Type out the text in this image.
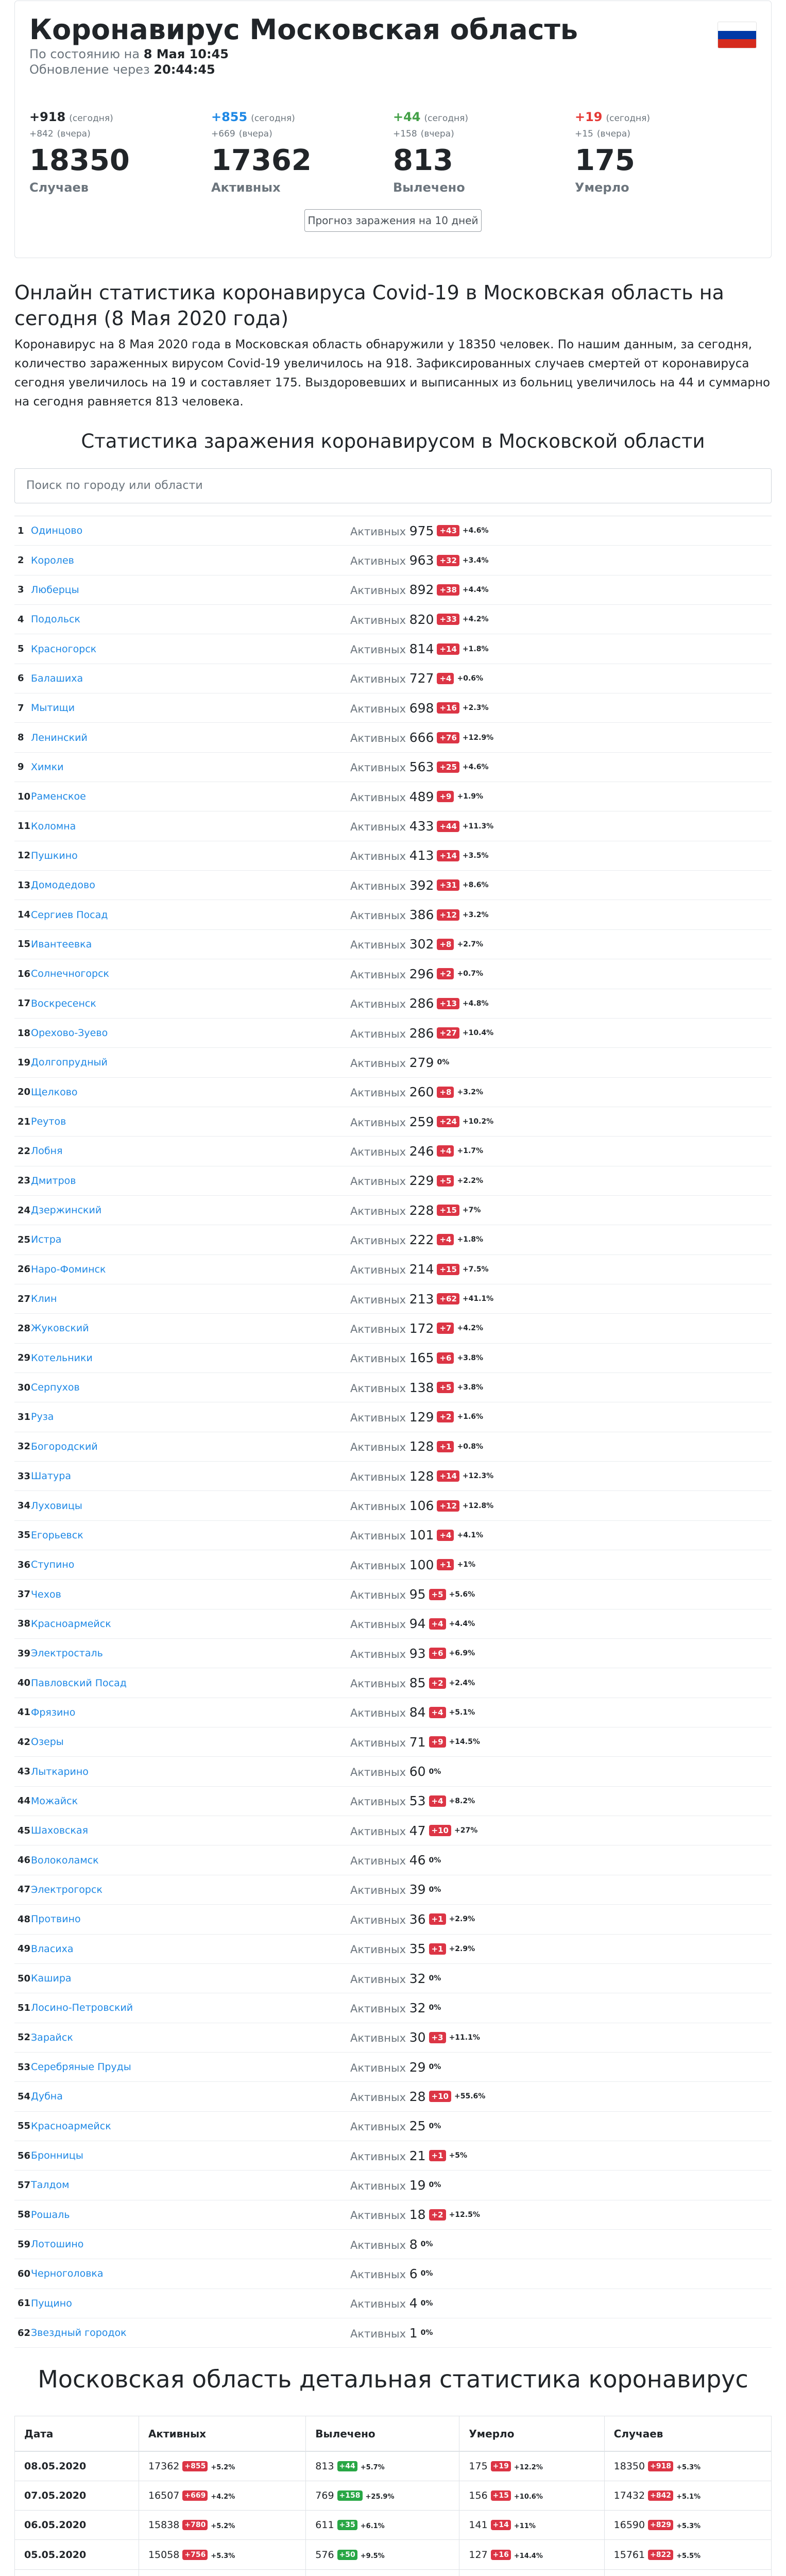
Коронавирус Московская область
По состоянию на 8 Мая 10:45
Обновление через 20:44:45
+918 (сегодня)
+842 (вчера)
18350
Случаев
+855 (сегодня)
+669 (вчера)
17362
Активных
+44 (сегодня)
+158 (вчера)
813
Вылечено
+19 (сегодня)
+15 (вчера)
175
Умерло
Прогноз заражения на 10 дней
Онлайн статистика коронавируса Covid-19 в Московская область на сегодня (8 Мая 2020 года)

Коронавирус на 8 Мая 2020 года в Московская область обнаружили у 18350 человек. По нашим данным, за сегодня, количество зараженных вирусом Covid-19 увеличилось на 918. Зафиксированных случаев смертей от коронавируса сегодня увеличилось на 19 и составляет 175. Выздоровевших и выписанных из больниц увеличилось на 44 и суммарно на сегодня равняется 813 человека.

Статистика заражения коронавирусом в Московской области
Поиск по городу или области
1 Одинцово	Активных 975 +43 +4.6%
2 Королев	Активных 963 +32 +3.4%
3 Люберцы	Активных 892 +38 +4.4%
4 Подольск	Активных 820 +33 +4.2%
5 Красногорск	Активных 814 +14 +1.8%
6 Балашиха	Активных 727 +4 +0.6%
7 Мытищи	Активных 698 +16 +2.3%
8 Ленинский	Активных 666 +76 +12.9%
9 Химки	Активных 563 +25 +4.6%
10 Раменское	Активных 489 +9 +1.9%
11 Коломна	Активных 433 +44 +11.3%
12 Пушкино	Активных 413 +14 +3.5%
13 Домодедово	Активных 392 +31 +8.6%
14 Сергиев Посад	Активных 386 +12 +3.2%
15 Ивантеевка	Активных 302 +8 +2.7%
16 Солнечногорск	Активных 296 +2 +0.7%
17 Воскресенск	Активных 286 +13 +4.8%
18 Орехово-Зуево	Активных 286 +27 +10.4%
19 Долгопрудный	Активных 279 0%
20 Щелково	Активных 260 +8 +3.2%
21 Реутов	Активных 259 +24 +10.2%
22 Лобня	Активных 246 +4 +1.7%
23 Дмитров	Активных 229 +5 +2.2%
24 Дзержинский	Активных 228 +15 +7%
25 Истра	Активных 222 +4 +1.8%
26 Наро-Фоминск	Активных 214 +15 +7.5%
27 Клин	Активных 213 +62 +41.1%
28 Жуковский	Активных 172 +7 +4.2%
29 Котельники	Активных 165 +6 +3.8%
30 Серпухов	Активных 138 +5 +3.8%
31 Руза	Активных 129 +2 +1.6%
32 Богородский	Активных 128 +1 +0.8%
33 Шатура	Активных 128 +14 +12.3%
34 Луховицы	Активных 106 +12 +12.8%
35 Егорьевск	Активных 101 +4 +4.1%
36 Ступино	Активных 100 +1 +1%
37 Чехов	Активных 95 +5 +5.6%
38 Красноармейск	Активных 94 +4 +4.4%
39 Электросталь	Активных 93 +6 +6.9%
40 Павловский Посад	Активных 85 +2 +2.4%
41 Фрязино	Активных 84 +4 +5.1%
42 Озеры	Активных 71 +9 +14.5%
43 Лыткарино	Активных 60 0%
44 Можайск	Активных 53 +4 +8.2%
45 Шаховская	Активных 47 +10 +27%
46 Волоколамск	Активных 46 0%
47 Электрогорск	Активных 39 0%
48 Протвино	Активных 36 +1 +2.9%
49 Власиха	Активных 35 +1 +2.9%
50 Кашира	Активных 32 0%
51 Лосино-Петровский	Активных 32 0%
52 Зарайск	Активных 30 +3 +11.1%
53 Серебряные Пруды	Активных 29 0%
54 Дубна	Активных 28 +10 +55.6%
55 Красноармейск	Активных 25 0%
56 Бронницы	Активных 21 +1 +5%
57 Талдом	Активных 19 0%
58 Рошаль	Активных 18 +2 +12.5%
59 Лотошино	Активных 8 0%
60 Черноголовка	Активных 6 0%
61 Пущино	Активных 4 0%
62 Звездный городок	Активных 1 0%
Московская область детальная статистика коронавирус
Дата	Активных	Вылечено	Умерло	Случаев
08.05.2020	17362 +855 +5.2%	813 +44 +5.7%	175 +19 +12.2%	18350 +918 +5.3%
07.05.2020	16507 +669 +4.2%	769 +158 +25.9%	156 +15 +10.6%	17432 +842 +5.1%
06.05.2020	15838 +780 +5.2%	611 +35 +6.1%	141 +14 +11%	16590 +829 +5.3%
05.05.2020	15058 +756 +5.3%	576 +50 +9.5%	127 +16 +14.4%	15761 +822 +5.5%
